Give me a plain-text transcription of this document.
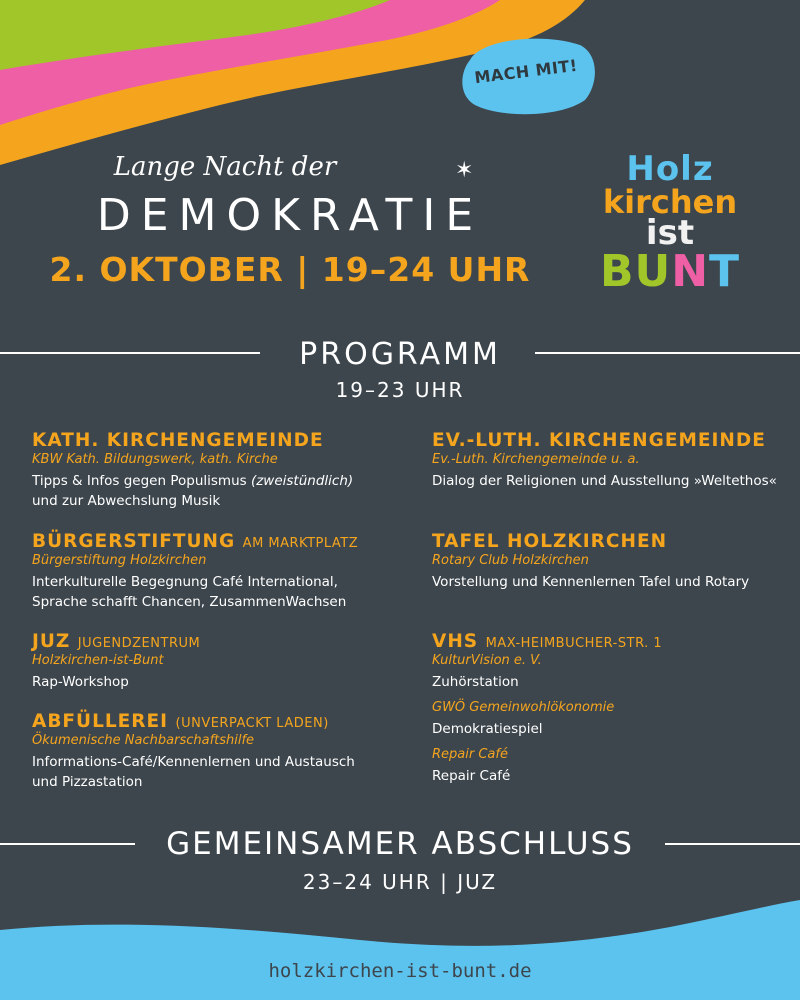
MACH MIT!
Lange Nacht der	✶
DEMOKRATIE
2. OKTOBER | 19–24 UHR
Holz
kirchen
ist
BUNT
PROGRAMM
19–23 UHR
KATH. KIRCHENGEMEINDE
KBW Kath. Bildungswerk, kath. Kirche
Tipps & Infos gegen Populismus (zweistündlich)
und zur Abwechslung Musik
BÜRGERSTIFTUNG AM MARKTPLATZ
Bürgerstiftung Holzkirchen
Interkulturelle Begegnung Café International,
Sprache schafft Chancen, ZusammenWachsen
JUZ JUGENDZENTRUM
Holzkirchen-ist-Bunt
Rap-Workshop
ABFÜLLEREI (UNVERPACKT LADEN)
Ökumenische Nachbarschaftshilfe
Informations-Café/Kennenlernen und Austausch
und Pizzastation
EV.-LUTH. KIRCHENGEMEINDE
Ev.-Luth. Kirchengemeinde u. a.
Dialog der Religionen und Ausstellung »Weltethos«
TAFEL HOLZKIRCHEN
Rotary Club Holzkirchen
Vorstellung und Kennenlernen Tafel und Rotary
VHS MAX-HEIMBUCHER-STR. 1
KulturVision e. V.
Zuhörstation
GWÖ Gemeinwohlökonomie
Demokratiespiel
Repair Café
Repair Café
GEMEINSAMER ABSCHLUSS
23–24 UHR | JUZ
holzkirchen-ist-bunt.de
